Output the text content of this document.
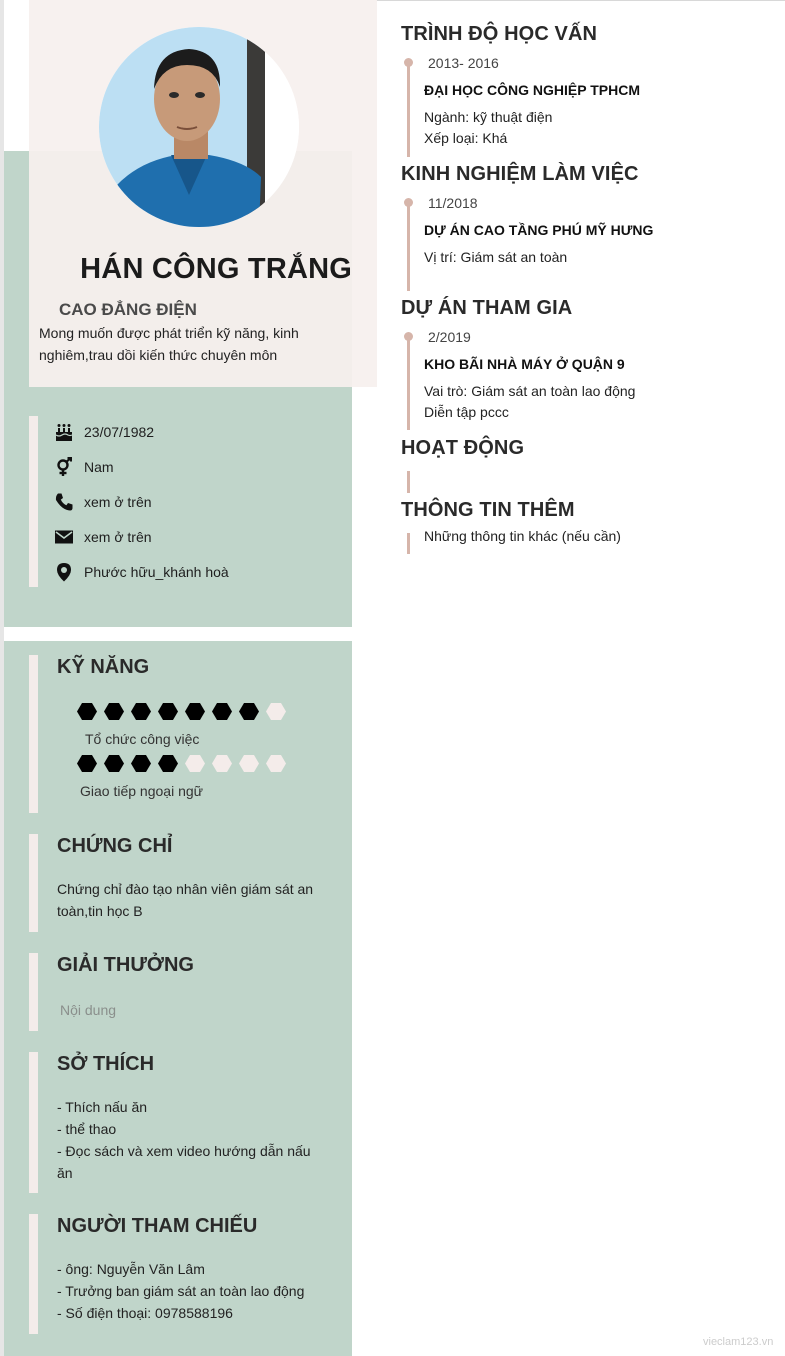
HÁN CÔNG TRẮNG
CAO ĐẲNG ĐIỆN
Mong muốn được phát triển kỹ năng, kinh nghiêm,trau dồi kiến thức chuyên môn
23/07/1982
Nam
xem ở trên
xem ở trên
Phước hữu_khánh hoà
KỸ NĂNG
Tổ chức công việc
Giao tiếp ngoại ngữ
CHỨNG CHỈ
Chứng chỉ đào tạo nhân viên giám sát an toàn,tin học B
GIẢI THƯỞNG
Nội dung
SỞ THÍCH
- Thích nấu ăn
- thể thao
- Đọc sách và xem video hướng dẫn nấu ăn
NGƯỜI THAM CHIẾU
- ông: Nguyễn Văn Lâm
- Trưởng ban giám sát an toàn lao động
- Số điện thoại: 0978588196
TRÌNH ĐỘ HỌC VẤN
2013- 2016
ĐẠI HỌC CÔNG NGHIỆP TPHCM
Ngành: kỹ thuật điện
Xếp loại: Khá
KINH NGHIỆM LÀM VIỆC
11/2018
DỰ ÁN CAO TẦNG PHÚ MỸ HƯNG
Vị trí: Giám sát an toàn
DỰ ÁN THAM GIA
2/2019
KHO BÃI NHÀ MÁY Ở QUẬN 9
Vai trò: Giám sát an toàn lao động
Diễn tập pccc
HOẠT ĐỘNG
THÔNG TIN THÊM
Những thông tin khác (nếu cần)
vieclam123.vn
